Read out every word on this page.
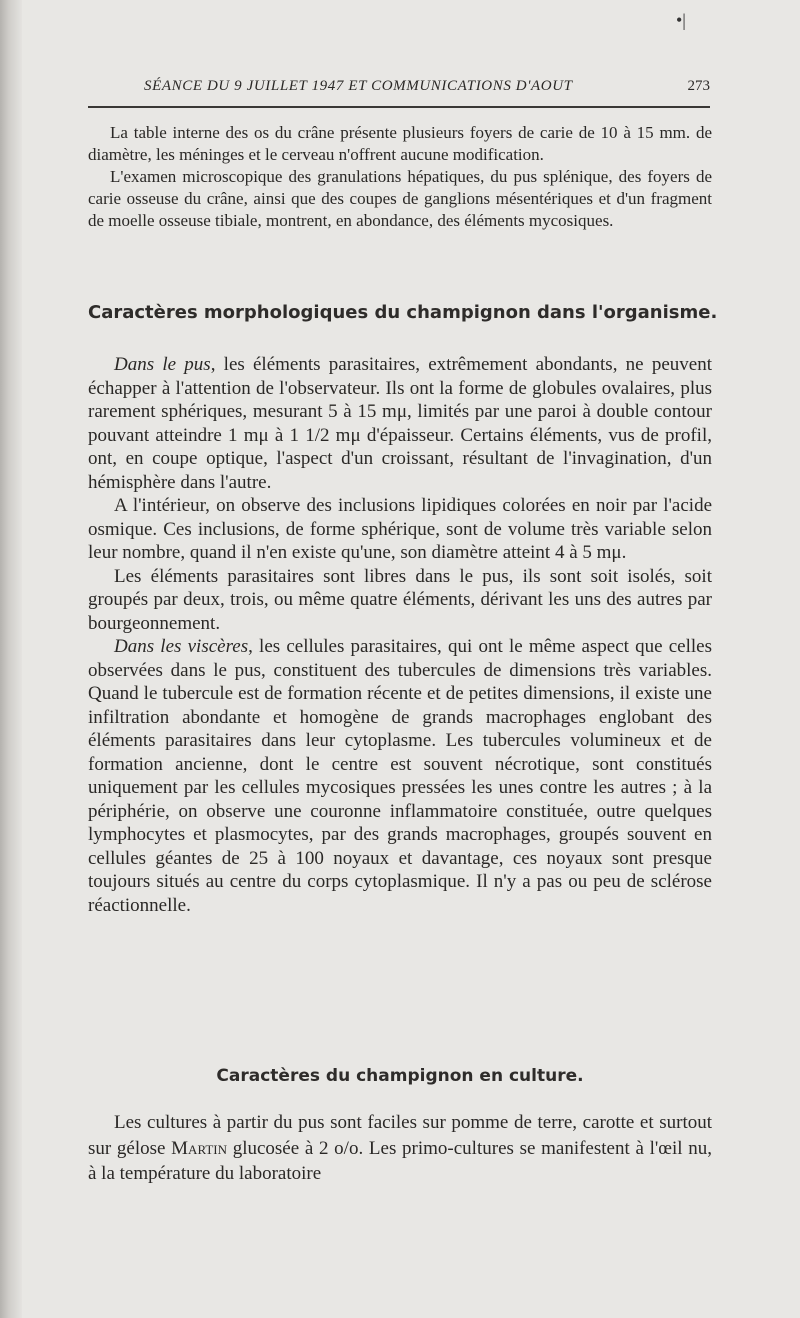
•|
SÉANCE DU 9 JUILLET 1947 ET COMMUNICATIONS D'AOUT	273

La table interne des os du crâne présente plusieurs foyers de carie de 10 à 15 mm. de diamètre, les méninges et le cerveau n'offrent aucune modification.

L'examen microscopique des granulations hépatiques, du pus splénique, des foyers de carie osseuse du crâne, ainsi que des coupes de ganglions mésentériques et d'un fragment de moelle osseuse tibiale, montrent, en abondance, des éléments mycosiques.

Caractères morphologiques du champignon dans l'organisme.

Dans le pus, les éléments parasitaires, extrêmement abondants, ne peuvent échapper à l'attention de l'observateur. Ils ont la forme de globules ovalaires, plus rarement sphériques, mesurant 5 à 15 mμ, limités par une paroi à double contour pouvant atteindre 1 mμ à 1 1/2 mμ d'épaisseur. Certains éléments, vus de profil, ont, en coupe optique, l'aspect d'un croissant, résultant de l'invagination, d'un hémisphère dans l'autre.

A l'intérieur, on observe des inclusions lipidiques colorées en noir par l'acide osmique. Ces inclusions, de forme sphérique, sont de volume très variable selon leur nombre, quand il n'en existe qu'une, son diamètre atteint 4 à 5 mμ.

Les éléments parasitaires sont libres dans le pus, ils sont soit isolés, soit groupés par deux, trois, ou même quatre éléments, dérivant les uns des autres par bourgeonnement.

Dans les viscères, les cellules parasitaires, qui ont le même aspect que celles observées dans le pus, constituent des tubercules de dimensions très variables. Quand le tubercule est de formation récente et de petites dimensions, il existe une infiltration abondante et homogène de grands macrophages englobant des éléments parasitaires dans leur cytoplasme. Les tubercules volumineux et de formation ancienne, dont le centre est souvent nécrotique, sont constitués uniquement par les cellules mycosiques pressées les unes contre les autres ; à la périphérie, on observe une couronne inflammatoire constituée, outre quelques lymphocytes et plasmocytes, par des grands macrophages, groupés souvent en cellules géantes de 25 à 100 noyaux et davantage, ces noyaux sont presque toujours situés au centre du corps cytoplasmique. Il n'y a pas ou peu de sclérose réactionnelle.

Caractères du champignon en culture.

Les cultures à partir du pus sont faciles sur pomme de terre, carotte et surtout sur gélose Martin glucosée à 2 o/o. Les primo-cultures se manifestent à l'œil nu, à la température du laboratoire
